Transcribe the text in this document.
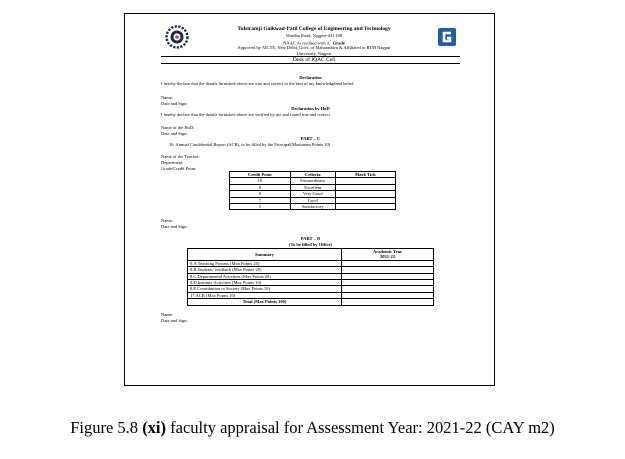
Tulsiramji Gaikwad-Patil College of Engineering and Technology
Wardha Road, Nagpur-441 108
NAAC Accredited with A+ Grade
Approved by AICTE, New Delhi, Govt. of Maharashtra & Affiliated to RTM Nagpur
University, Nagpur
Desk of IQAC Cell
Declaration
I hereby declare that the details furnished above are true and correct to the best of my knowledgeand belief.
Name:
Date and Sign:
Declaration by HoD
I hereby declare that the details furnished above are verified by me and found true and correct.
Name of the HoD:
Date and Sign:
PART – C
16. Annual Confidential Report (ACR), to be filled by the Principal(Maximum Points 10)
Name of the Teacher:
Department:
Grade/Credit Point:
Credit Point	Criteria	Mark Tick
10	Extraordinary	
9	Excellent	
8	Very Good	
7	Good	
5	Satisfactory	
Name:
Date and Sign:
PART – D
(To be filled by Office)
Summary	Academic Year
	2021-22
8.A.Teaching Process (Max Points 25)	
8.B.Students' feedback (Max Points 25)	
8.C.Departmental Activities (Max Points 20)	
8.D.Institute Activities (Max Points 10)	
8.E.Contribution to Society (Max Points 10)	
17.ACR (Max Points 10)	
Total (Max Points 100)	
Name:
Date and Sign:
Figure 5.8 (xi) faculty appraisal for Assessment Year: 2021-22 (CAY m2)
